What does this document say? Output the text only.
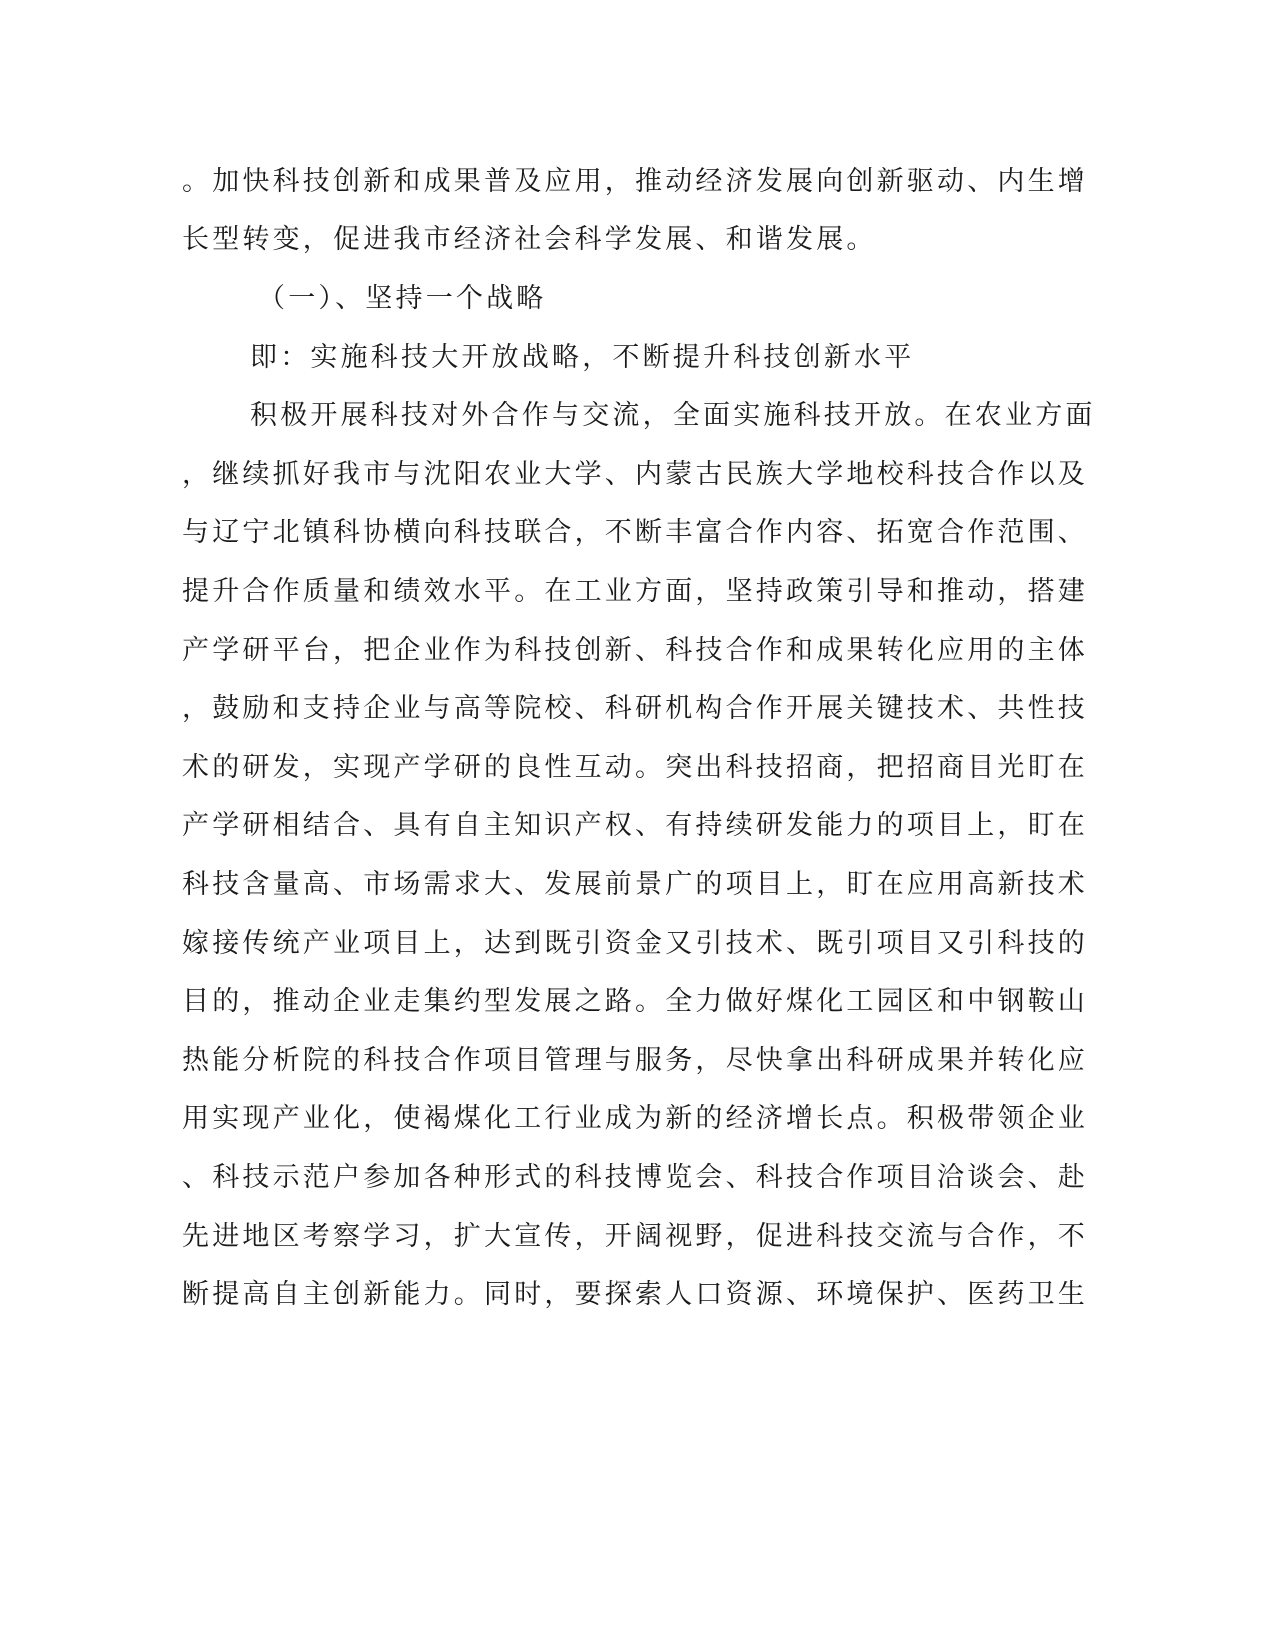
。加快科技创新和成果普及应用，推动经济发展向创新驱动、内生增
长型转变，促进我市经济社会科学发展、和谐发展。
（一）、坚持一个战略
即：实施科技大开放战略，不断提升科技创新水平
积极开展科技对外合作与交流，全面实施科技开放。在农业方面
，继续抓好我市与沈阳农业大学、内蒙古民族大学地校科技合作以及
与辽宁北镇科协横向科技联合，不断丰富合作内容、拓宽合作范围、
提升合作质量和绩效水平。在工业方面，坚持政策引导和推动，搭建
产学研平台，把企业作为科技创新、科技合作和成果转化应用的主体
，鼓励和支持企业与高等院校、科研机构合作开展关键技术、共性技
术的研发，实现产学研的良性互动。突出科技招商，把招商目光盯在
产学研相结合、具有自主知识产权、有持续研发能力的项目上，盯在
科技含量高、市场需求大、发展前景广的项目上，盯在应用高新技术
嫁接传统产业项目上，达到既引资金又引技术、既引项目又引科技的
目的，推动企业走集约型发展之路。全力做好煤化工园区和中钢鞍山
热能分析院的科技合作项目管理与服务，尽快拿出科研成果并转化应
用实现产业化，使褐煤化工行业成为新的经济增长点。积极带领企业
、科技示范户参加各种形式的科技博览会、科技合作项目洽谈会、赴
先进地区考察学习，扩大宣传，开阔视野，促进科技交流与合作，不
断提高自主创新能力。同时，要探索人口资源、环境保护、医药卫生
